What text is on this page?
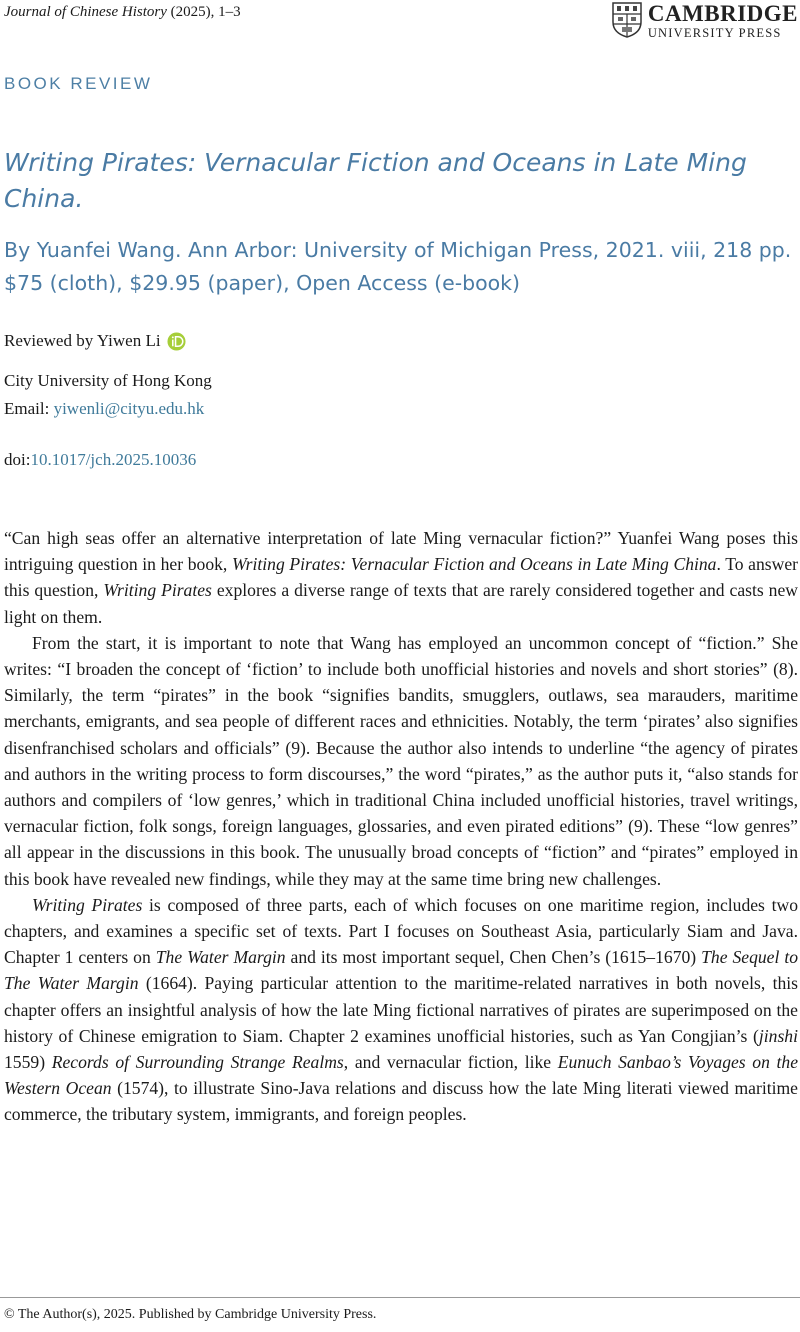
Journal of Chinese History (2025), 1–3	CAMBRIDGE
UNIVERSITY PRESS
BOOK REVIEW
Writing Pirates: Vernacular Fiction and Oceans in Late Ming China.
By Yuanfei Wang. Ann Arbor: University of Michigan Press, 2021. viii, 218 pp. $75 (cloth), $29.95 (paper), Open Access (e-book)
Reviewed by Yiwen Li
City University of Hong Kong
Email: yiwenli@cityu.edu.hk
doi:10.1017/jch.2025.10036

“Can high seas offer an alternative interpretation of late Ming vernacular fiction?” Yuanfei Wang poses this intriguing question in her book, Writing Pirates: Vernacular Fiction and Oceans in Late Ming China. To answer this question, Writing Pirates explores a diverse range of texts that are rarely considered together and casts new light on them.

From the start, it is important to note that Wang has employed an uncommon concept of “fiction.” She writes: “I broaden the concept of ‘fiction’ to include both unofficial histories and novels and short stories” (8). Similarly, the term “pirates” in the book “signifies bandits, smugglers, outlaws, sea marauders, maritime merchants, emigrants, and sea people of different races and ethnicities. Notably, the term ‘pirates’ also signifies disenfranchised scholars and officials” (9). Because the author also intends to underline “the agency of pirates and authors in the writing process to form discourses,” the word “pirates,” as the author puts it, “also stands for authors and compilers of ‘low genres,’ which in traditional China included unofficial histories, travel writings, vernacular fiction, folk songs, foreign languages, glossaries, and even pirated editions” (9). These “low genres” all appear in the discussions in this book. The unusually broad concepts of “fiction” and “pirates” employed in this book have revealed new findings, while they may at the same time bring new challenges.

Writing Pirates is composed of three parts, each of which focuses on one maritime region, includes two chapters, and examines a specific set of texts. Part I focuses on Southeast Asia, particularly Siam and Java. Chapter 1 centers on The Water Margin and its most important sequel, Chen Chen’s (1615–1670) The Sequel to The Water Margin (1664). Paying particular attention to the maritime-related narratives in both novels, this chapter offers an insightful analysis of how the late Ming fictional narratives of pirates are superimposed on the history of Chinese emigration to Siam. Chapter 2 examines unofficial histories, such as Yan Congjian’s (jinshi 1559) Records of Surrounding Strange Realms, and vernacular fiction, like Eunuch Sanbao’s Voyages on the Western Ocean (1574), to illustrate Sino-Java relations and discuss how the late Ming literati viewed maritime commerce, the tributary system, immigrants, and foreign peoples.

© The Author(s), 2025. Published by Cambridge University Press.
